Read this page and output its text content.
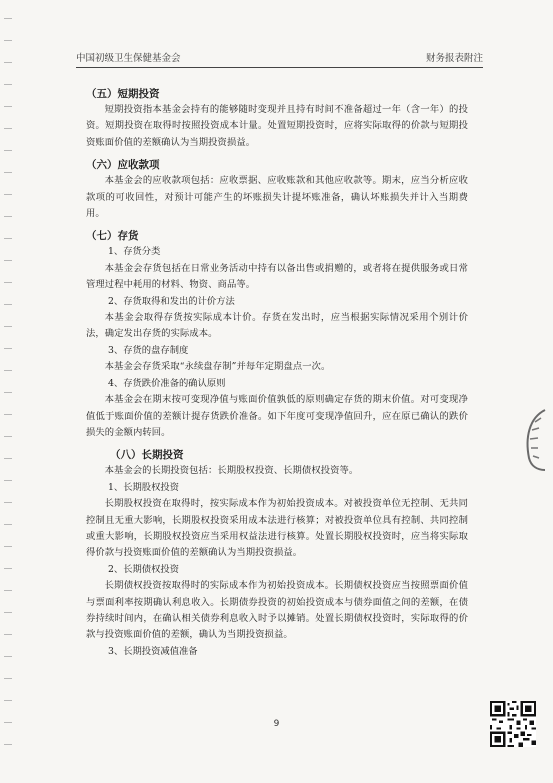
中国初级卫生保健基金会	财务报表附注
（五）短期投资

短期投资指本基金会持有的能够随时变现并且持有时间不准备超过一年（含一年）的投资。短期投资在取得时按照投资成本计量。处置短期投资时，应将实际取得的价款与短期投资账面价值的差额确认为当期投资损益。

（六）应收款项

本基金会的应收款项包括：应收票据、应收账款和其他应收款等。期末，应当分析应收款项的可收回性，对预计可能产生的坏账损失计提坏账准备，确认坏账损失并计入当期费用。

（七）存货

1、存货分类

本基金会存货包括在日常业务活动中持有以备出售或捐赠的，或者将在提供服务或日常管理过程中耗用的材料、物资、商品等。

2、存货取得和发出的计价方法

本基金会取得存货按实际成本计价。存货在发出时，应当根据实际情况采用个别计价法，确定发出存货的实际成本。

3、存货的盘存制度

本基金会存货采取“永续盘存制”并每年定期盘点一次。

4、存货跌价准备的确认原则

本基金会在期末按可变现净值与账面价值孰低的原则确定存货的期末价值。对可变现净值低于账面价值的差额计提存货跌价准备。如下年度可变现净值回升，应在原已确认的跌价损失的金额内转回。

（八）长期投资

本基金会的长期投资包括：长期股权投资、长期债权投资等。

1、长期股权投资

长期股权投资在取得时，按实际成本作为初始投资成本。对被投资单位无控制、无共同控制且无重大影响，长期股权投资采用成本法进行核算；对被投资单位具有控制、共同控制或重大影响，长期股权投资应当采用权益法进行核算。处置长期股权投资时，应当将实际取得价款与投资账面价值的差额确认为当期投资损益。

2、长期债权投资

长期债权投资按取得时的实际成本作为初始投资成本。长期债权投资应当按照票面价值与票面利率按期确认利息收入。长期债券投资的初始投资成本与债券面值之间的差额，在债券持续时间内，在确认相关债券利息收入时予以摊销。处置长期债权投资时，实际取得的价款与投资账面价值的差额，确认为当期投资损益。

3、长期投资减值准备

9
